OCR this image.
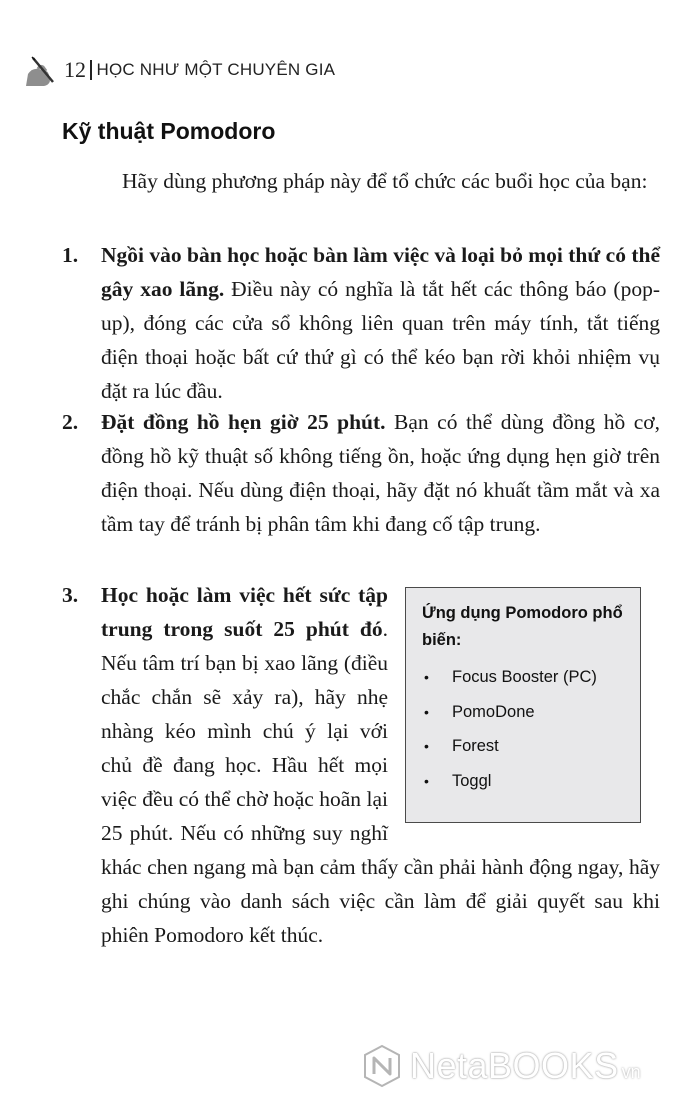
12 HỌC NHƯ MỘT CHUYÊN GIA
Kỹ thuật Pomodoro

Hãy dùng phương pháp này để tổ chức các buổi học của bạn:

1.	Ngồi vào bàn học hoặc bàn làm việc và loại bỏ mọi thứ có thể gây xao lãng. Điều này có nghĩa là tắt hết các thông báo (pop-up), đóng các cửa sổ không liên quan trên máy tính, tắt tiếng điện thoại hoặc bất cứ thứ gì có thể kéo bạn rời khỏi nhiệm vụ đặt ra lúc đầu.
2.	Đặt đồng hồ hẹn giờ 25 phút. Bạn có thể dùng đồng hồ cơ, đồng hồ kỹ thuật số không tiếng ồn, hoặc ứng dụng hẹn giờ trên điện thoại. Nếu dùng điện thoại, hãy đặt nó khuất tầm mắt và xa tầm tay để tránh bị phân tâm khi đang cố tập trung.
3.	Học hoặc làm việc hết sức tập trung trong suốt 25 phút đó. Nếu tâm trí bạn bị xao lãng (điều chắc chắn sẽ xảy ra), hãy nhẹ nhàng kéo mình chú ý lại với chủ đề đang học. Hầu hết mọi việc đều có thể chờ hoặc hoãn lại 25 phút. Nếu có những suy nghĩ khác chen ngang mà bạn cảm thấy cần phải hành động ngay, hãy ghi chúng vào danh sách việc cần làm để giải quyết sau khi phiên Pomodoro kết thúc.

Ứng dụng Pomodoro phổ biến:

•	Focus Booster (PC)
•	PomoDone
•	Forest
•	Toggl
NetaBOOKS vn
